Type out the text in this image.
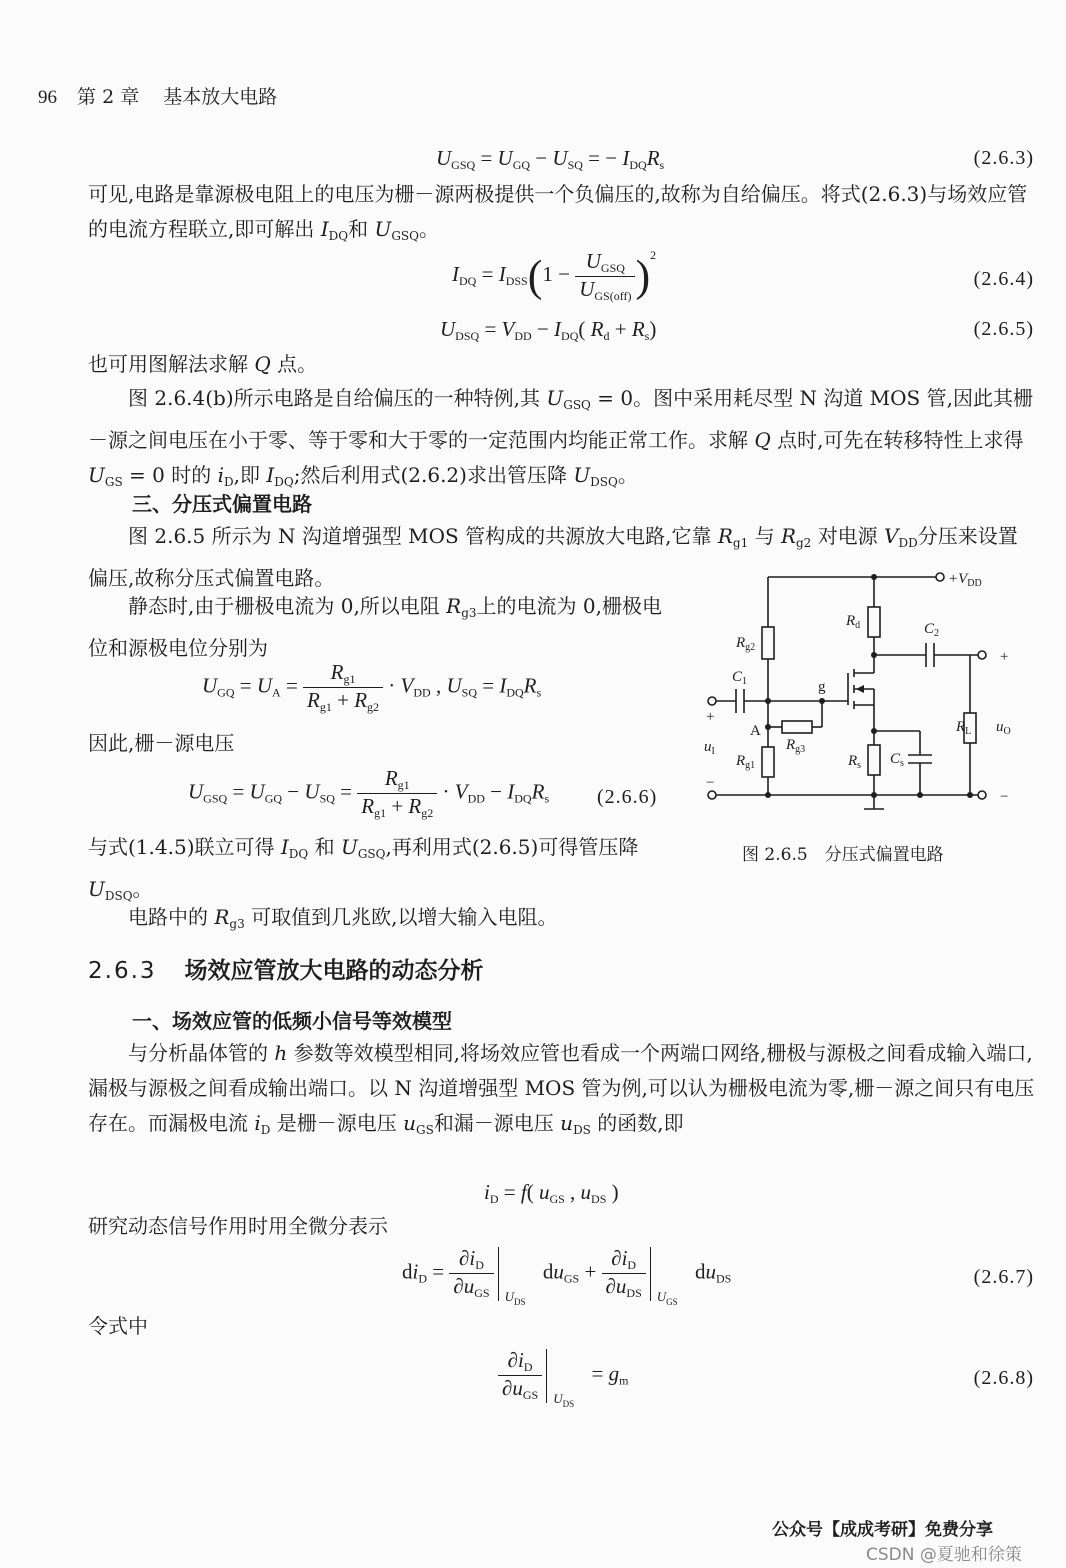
96 第 2 章 基本放大电路
$U_{GSQ} = U_{GQ} - U_{SQ}$ = − $I_{DQ}R_s$	(2.6.3)

可见,电路是靠源极电阻上的电压为栅－源两极提供一个负偏压的,故称为自给偏压。将式(2.6.3)与场效应管的电流方程联立,即可解出 $I_{DQ}$和 $U_{GSQ}$。

$I_{DQ} = I_{DSS}(1 - \frac{U_{GSQ}}{U_{GS(off)}} )^2$
(2.6.4)
$U_{DSQ} = V_{DD} - I_{DQ}$( $R_d + R_s$)	(2.6.5)

也可用图解法求解 Q 点。

图 2.6.4(b)所示电路是自给偏压的一种特例,其 $U_{GSQ} = 0$。图中采用耗尽型 N 沟道 MOS 管,因此其栅－源之间电压在小于零、等于零和大于零的一定范围内均能正常工作。求解 Q 点时,可先在转移特性上求得 $U_{GS} = 0$ 时的 $i_D$,即 $I_{DQ}$;然后利用式(2.6.2)求出管压降 $U_{DSQ}$。

三、分压式偏置电路

图 2.6.5 所示为 N 沟道增强型 MOS 管构成的共源放大电路,它靠 $R_{g1}$ 与 $R_{g2}$ 对电源 $V_{DD}$分压来设置偏压,故称分压式偏置电路。

静态时,由于栅极电流为 0,所以电阻 $R_{g3}$上的电流为 0,栅极电位和源极电位分别为

$U_{GQ} = U_A = \frac{R_{g1}}{R_{g1} + R_{g2}} \cdot V_{DD}$ , $U_{SQ} = I_{DQ}R_s$

因此,栅－源电压

$U_{GSQ} = U_{GQ} - U_{SQ} = \frac{R_{g1}}{R_{g1} + R_{g2}} \cdot V_{DD} - I_{DQ}R_s$ (2.6.6)

与式(1.4.5)联立可得 $I_{DQ}$ 和 $U_{GSQ}$,再利用式(2.6.5)可得管压降 $U_{DSQ}$。

电路中的 $R_{g3}$ 可取值到几兆欧,以增大输入电阻。

$+V_{DD}$
$R_d$
$R_{g2}$
$C_2$
$C_1$	g
A
$R_{g3}$
$R_{g1}$	$R_s$ $C_s$
$R_L$ $u_O$
$u_I$
+
−
+
−
图 2.6.5　分压式偏置电路
2.6.3 场效应管放大电路的动态分析
一、场效应管的低频小信号等效模型

与分析晶体管的 h 参数等效模型相同,将场效应管也看成一个两端口网络,栅极与源极之间看成输入端口,漏极与源极之间看成输出端口。以 N 沟道增强型 MOS 管为例,可以认为栅极电流为零,栅－源之间只有电压存在。而漏极电流 $i_D$ 是栅－源电压 $u_{GS}$和漏－源电压 $u_{DS}$ 的函数,即

$i_D = f$( $u_{GS}$ , $u_{DS}$ )

研究动态信号作用时用全微分表示

$di_D = \frac{\partial i_D}{\partial u_{GS}} U_{DS}$
$du_{GS} + \frac{\partial i_D}{\partial u_{DS}} U_{GS}$
$du_{DS}$	(2.6.7)

令式中

$\frac{\partial i_D}{\partial u_{GS}} U_{DS}$
= $g_m$	(2.6.8)
公众号【成成考研】免费分享
CSDN @夏驰和徐策
